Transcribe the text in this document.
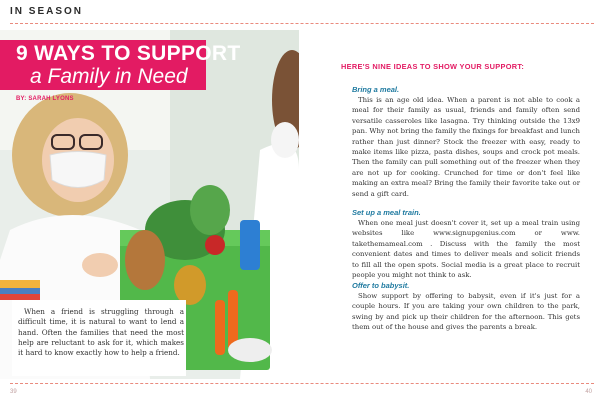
IN SEASON
9 WAYS TO SUPPORT
a Family in Need
BY: SARAH LYONS
When a friend is struggling through a difficult time, it is natural to want to lend a hand. Often the families that need the most help are reluctant to ask for it, which makes it hard to know exactly how to help a friend.
HERE'S NINE IDEAS TO SHOW YOUR SUPPORT:
Bring a meal.
This is an age old idea. When a parent is not able to cook a meal for their family as usual, friends and family often send versatile casseroles like lasagna. Try thinking outside the 13x9 pan. Why not bring the family the fixings for breakfast and lunch rather than just dinner? Stock the freezer with easy, ready to make items like pizza, pasta dishes, soups and crock pot meals. Then the family can pull something out of the freezer when they are not up for cooking. Crunched for time or don't feel like making an extra meal? Bring the family their favorite take out or send a gift card.
Set up a meal train.
When one meal just doesn't cover it, set up a meal train using websites like www.signupgenius.com or www. takethemameal.com . Discuss with the family the most convenient dates and times to deliver meals and solicit friends to fill all the open spots. Social media is a great place to recruit people you might not think to ask.
Offer to babysit.
Show support by offering to babysit, even if it's just for a couple hours. If you are taking your own children to the park, swing by and pick up their children for the afternoon. This gets them out of the house and gives the parents a break.
39	40
